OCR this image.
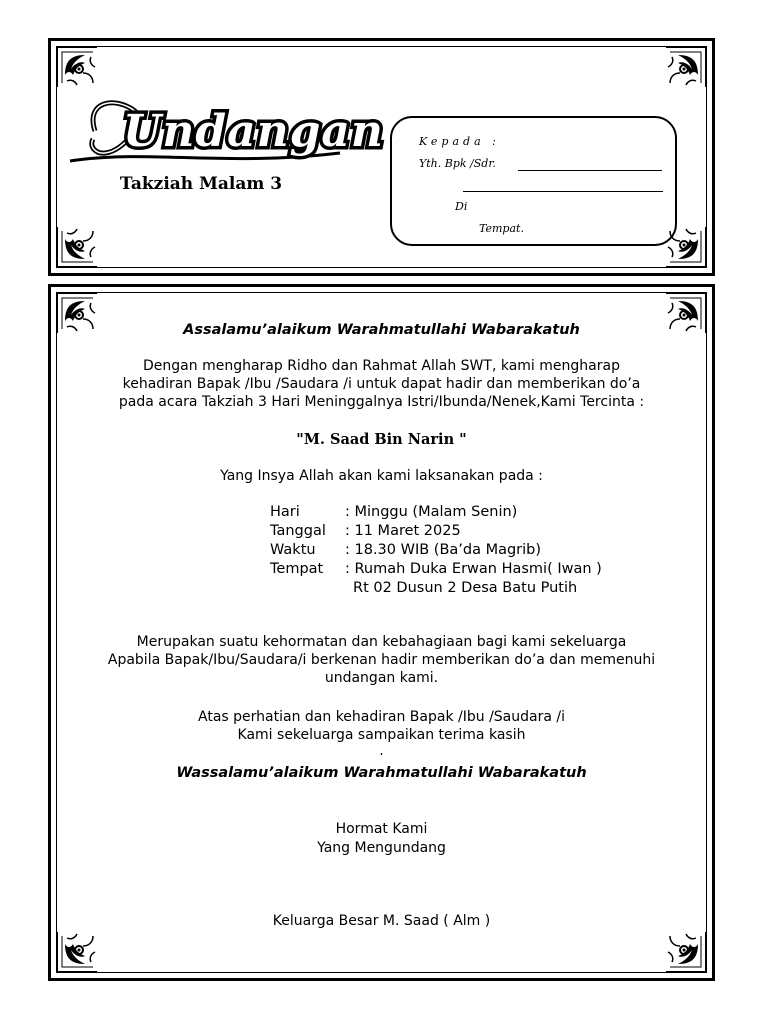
Undangan
Takziah Malam 3
Kepada :
Yth. Bpk /Sdr.
Di
Tempat.
Assalamu’alaikum Warahmatullahi Wabarakatuh
Dengan mengharap Ridho dan Rahmat Allah SWT, kami mengharap
kehadiran Bapak /Ibu /Saudara /i untuk dapat hadir dan memberikan do’a
pada acara Takziah 3 Hari Meninggalnya Istri/Ibunda/Nenek,Kami Tercinta :
"M. Saad Bin Narin "
Yang Insya Allah akan kami laksanakan pada :
Hari	: Minggu (Malam Senin)
Tanggal : 11 Maret 2025
Waktu : 18.30 WIB (Ba’da Magrib)
Tempat : Rumah Duka Erwan Hasmi( Iwan )
Rt 02 Dusun 2 Desa Batu Putih
Merupakan suatu kehormatan dan kebahagiaan bagi kami sekeluarga
Apabila Bapak/Ibu/Saudara/i berkenan hadir memberikan do’a dan memenuhi
undangan kami.
Atas perhatian dan kehadiran Bapak /Ibu /Saudara /i
Kami sekeluarga sampaikan terima kasih
.
Wassalamu’alaikum Warahmatullahi Wabarakatuh
Hormat Kami
Yang Mengundang
Keluarga Besar M. Saad ( Alm )
